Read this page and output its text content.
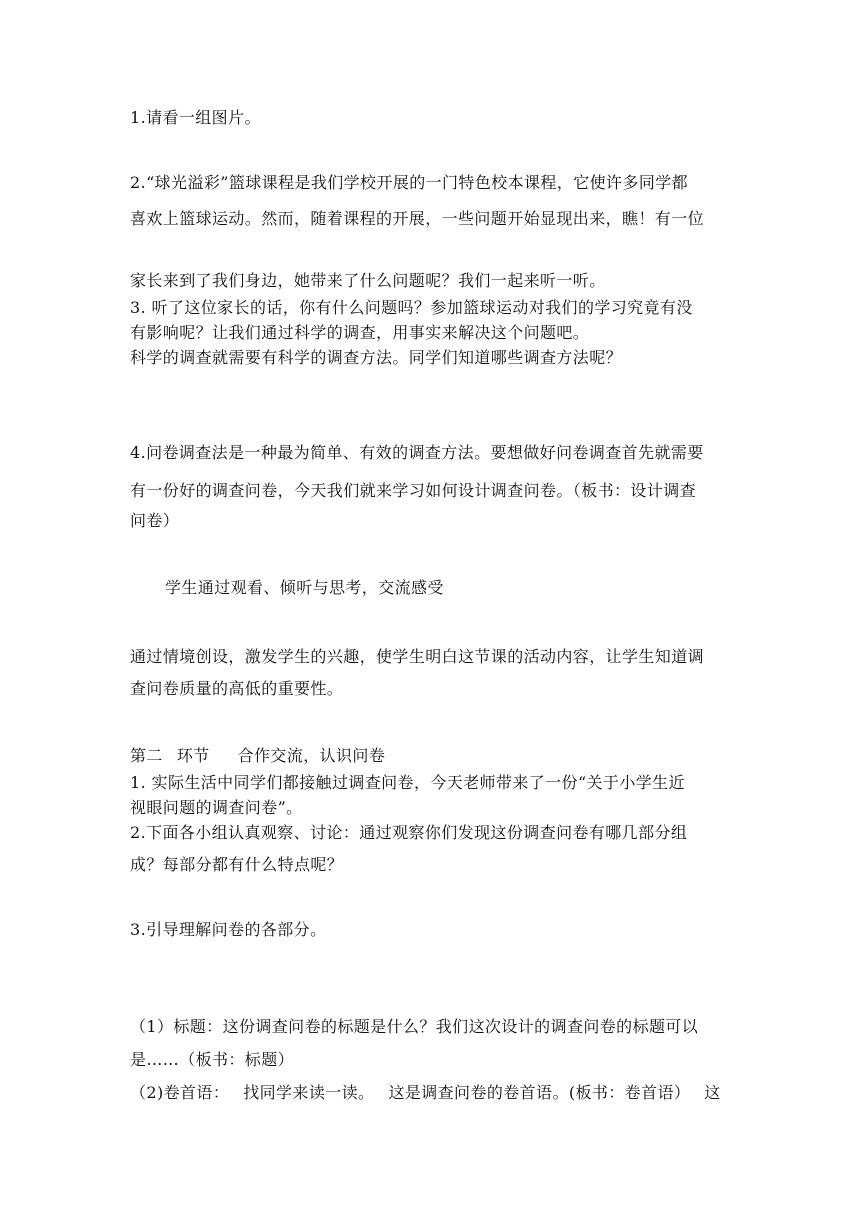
1.请看一组图片。
2.“球光溢彩”篮球课程是我们学校开展的一门特色校本课程，它使许多同学都
喜欢上篮球运动。然而，随着课程的开展，一些问题开始显现出来，瞧！有一位
家长来到了我们身边，她带来了什么问题呢？我们一起来听一听。
3. 听了这位家长的话，你有什么问题吗？参加篮球运动对我们的学习究竟有没
有影响呢？让我们通过科学的调查，用事实来解决这个问题吧。
科学的调查就需要有科学的调查方法。同学们知道哪些调查方法呢？
4.问卷调查法是一种最为简单、有效的调查方法。要想做好问卷调查首先就需要
有一份好的调查问卷，今天我们就来学习如何设计调查问卷。（板书：设计调查
问卷）
学生通过观看、倾听与思考，交流感受
通过情境创设，激发学生的兴趣，使学生明白这节课的活动内容，让学生知道调
查问卷质量的高低的重要性。
第二 环节 合作交流，认识问卷
1. 实际生活中同学们都接触过调查问卷，今天老师带来了一份“关于小学生近
视眼问题的调查问卷”。
2.下面各小组认真观察、讨论：通过观察你们发现这份调查问卷有哪几部分组
成？每部分都有什么特点呢？
3.引导理解问卷的各部分。
（1）标题：这份调查问卷的标题是什么？我们这次设计的调查问卷的标题可以
是……（板书：标题）
（2)卷首语： 找同学来读一读。 这是调查问卷的卷首语。(板书：卷首语） 这
